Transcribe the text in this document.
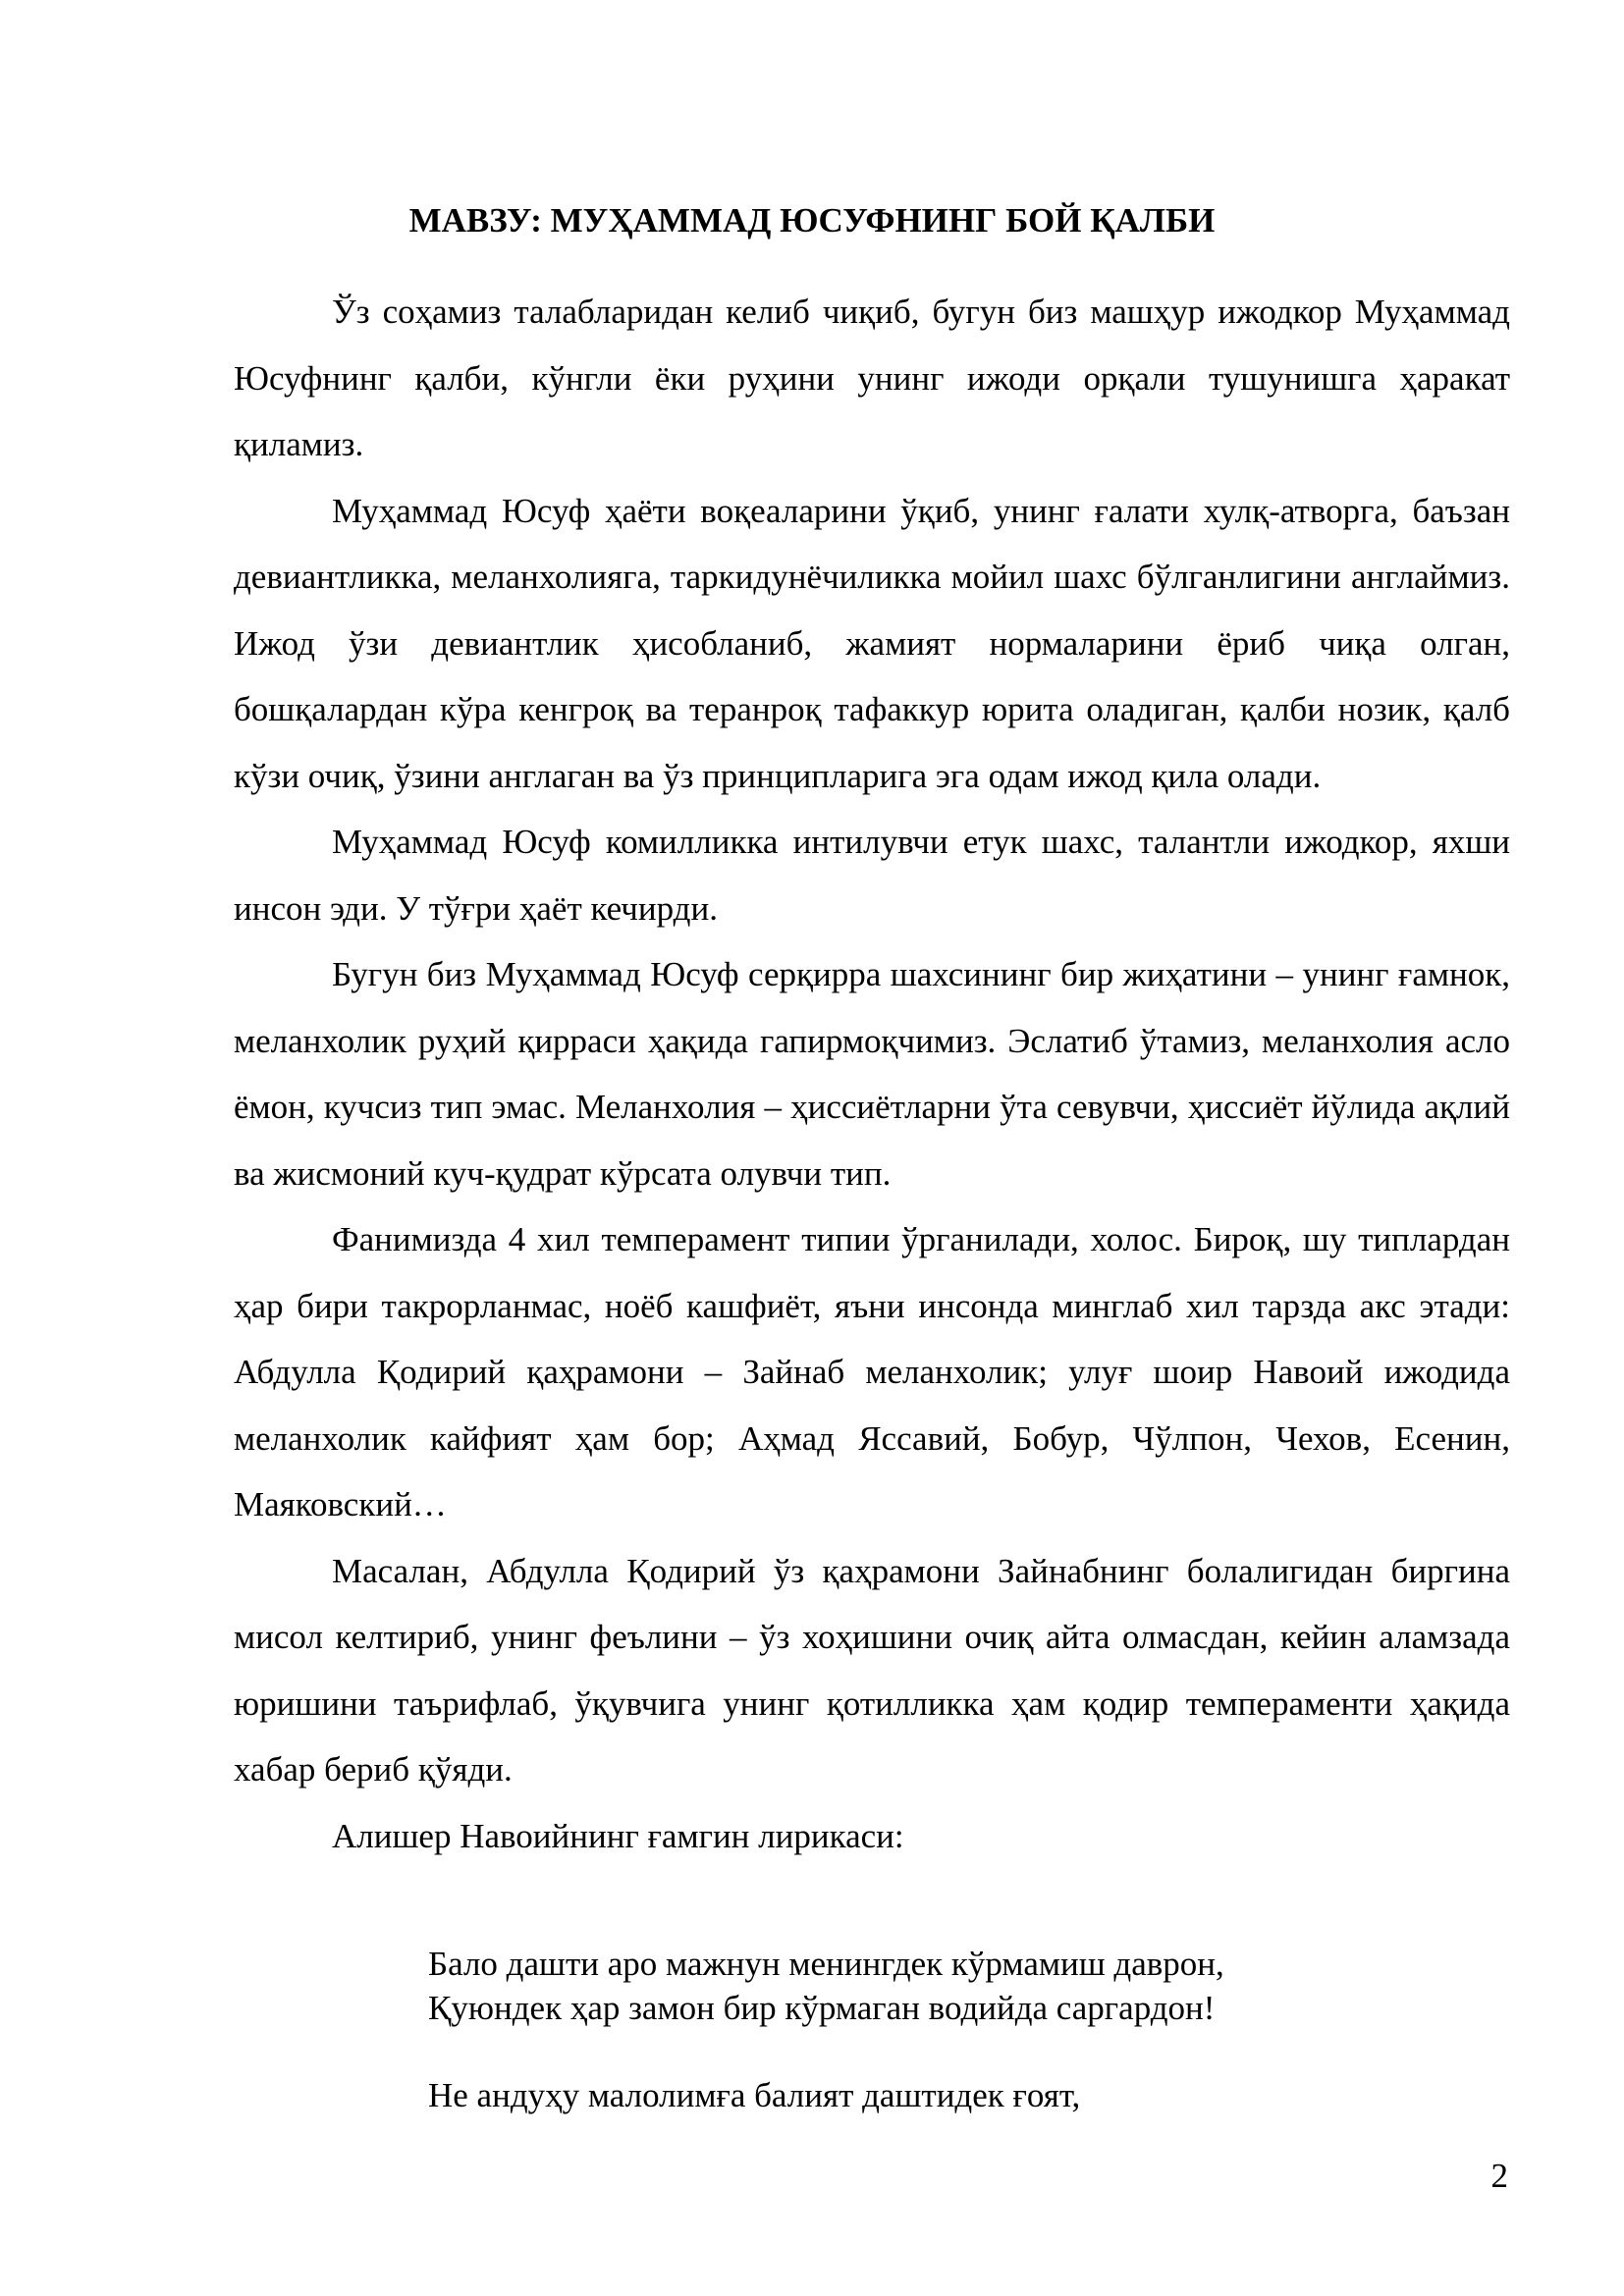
МАВЗУ: МУҲАММАД ЮСУФНИНГ БОЙ ҚАЛБИ

Ўз соҳамиз талабларидан келиб чиқиб, бугун биз машҳур ижодкор Муҳаммад Юсуфнинг қалби, кўнгли ёки руҳини унинг ижоди орқали тушунишга ҳаракат қиламиз.

Муҳаммад Юсуф ҳаёти воқеаларини ўқиб, унинг ғалати хулқ-атворга, баъзан девиантликка, меланхолияга, таркидунёчиликка мойил шахс бўлганлигини англаймиз. Ижод ўзи девиантлик ҳисобланиб, жамият нормаларини ёриб чиқа олган, бошқалардан кўра кенгроқ ва теранроқ тафаккур юрита оладиган, қалби нозик, қалб кўзи очиқ, ўзини англаган ва ўз принципларига эга одам ижод қила олади.

Муҳаммад Юсуф комилликка интилувчи етук шахс, талантли ижодкор, яхши инсон эди. У тўғри ҳаёт кечирди.

Бугун биз Муҳаммад Юсуф серқирра шахсининг бир жиҳатини – унинг ғамнок, меланхолик руҳий қирраси ҳақида гапирмоқчимиз. Эслатиб ўтамиз, меланхолия асло ёмон, кучсиз тип эмас. Меланхолия – ҳиссиётларни ўта севувчи, ҳиссиёт йўлида ақлий ва жисмоний куч-қудрат кўрсата олувчи тип.

Фанимизда 4 хил темперамент типии ўрганилади, холос. Бироқ, шу типлардан ҳар бири такрорланмас, ноёб кашфиёт, яъни инсонда минглаб хил тарзда акс этади: Абдулла Қодирий қаҳрамони – Зайнаб меланхолик; улуғ шоир Навоий ижодида меланхолик кайфият ҳам бор; Аҳмад Яссавий, Бобур, Чўлпон, Чехов, Есенин, Маяковский…

Масалан, Абдулла Қодирий ўз қаҳрамони Зайнабнинг болалигидан биргина мисол келтириб, унинг феълини – ўз хоҳишини очиқ айта олмасдан, кейин аламзада юришини таърифлаб, ўқувчига унинг қотилликка ҳам қодир темпераменти ҳақида хабар бериб қўяди.

Алишер Навоийнинг ғамгин лирикаси:

Бало дашти аро мажнун менингдек кўрмамиш даврон,
Қуюндек ҳар замон бир кўрмаган водийда саргардон!
Не андуҳу малолимға балият даштидек ғоят,
2
